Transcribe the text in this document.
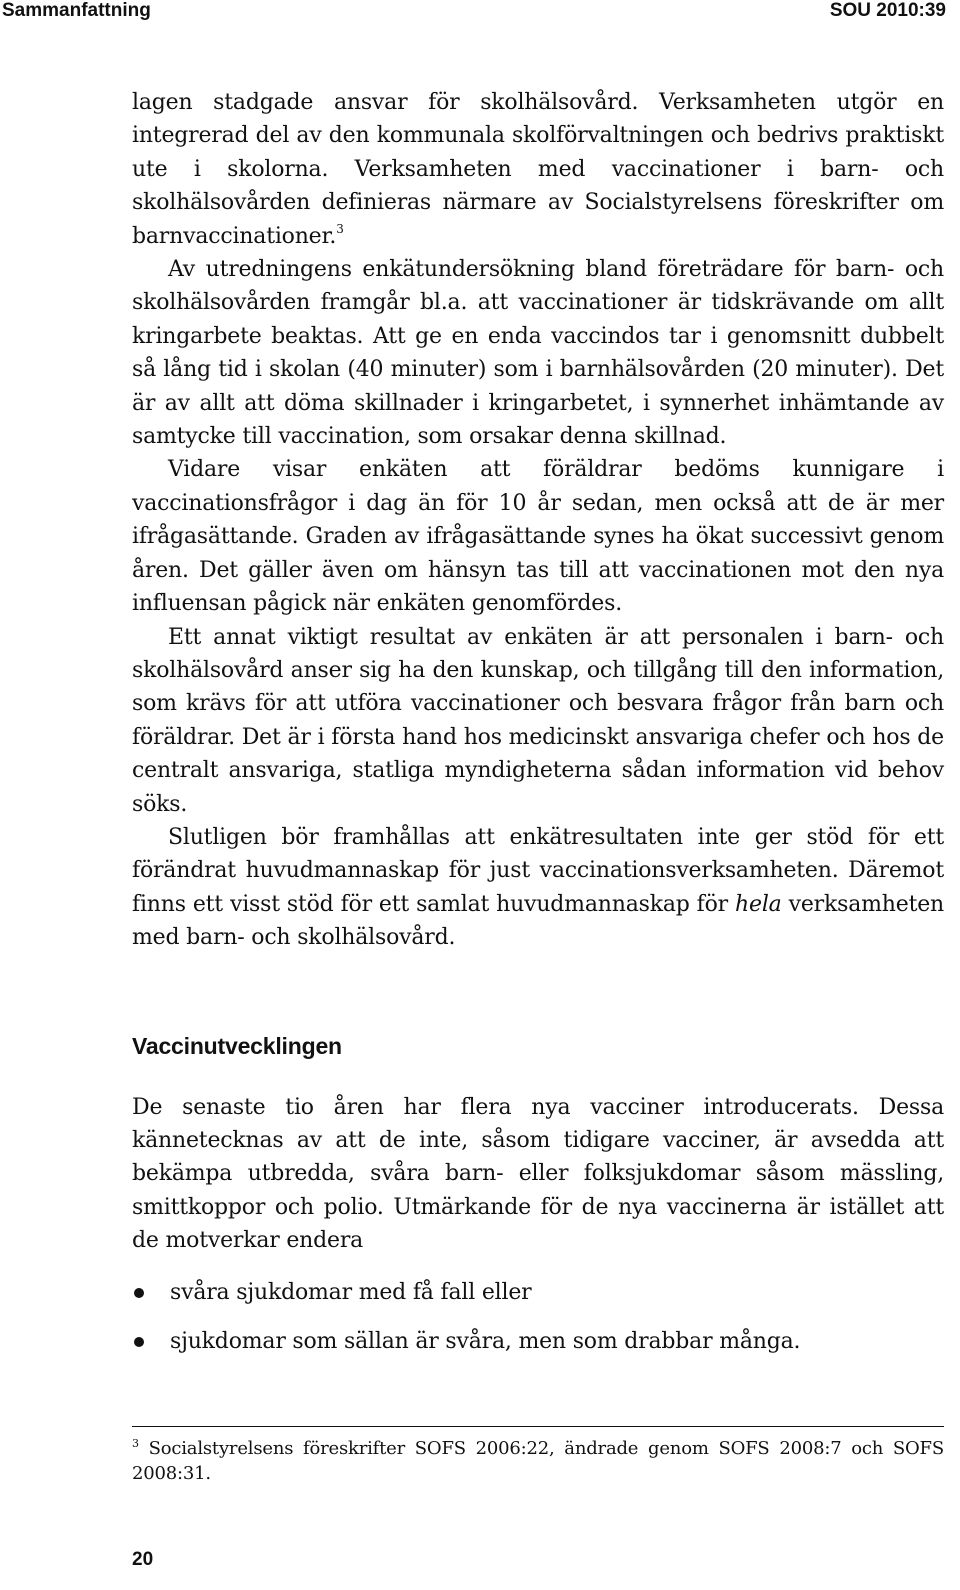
Sammanfattning	SOU 2010:39

lagen stadgade ansvar för skolhälsovård. Verksamheten utgör en integrerad del av den kommunala skolförvaltningen och bedrivs praktiskt ute i skolorna. Verksamheten med vaccinationer i barn- och skolhälsovården definieras närmare av Socialstyrelsens föreskrifter om barnvaccinationer.$^3$

Av utredningens enkätundersökning bland företrädare för barn- och skolhälsovården framgår bl.a. att vaccinationer är tidskrävande om allt kringarbete beaktas. Att ge en enda vaccindos tar i genomsnitt dubbelt så lång tid i skolan (40 minuter) som i barnhälsovården (20 minuter). Det är av allt att döma skillnader i kringarbetet, i synnerhet inhämtande av samtycke till vaccination, som orsakar denna skillnad.

Vidare visar enkäten att föräldrar bedöms kunnigare i vaccinationsfrågor i dag än för 10 år sedan, men också att de är mer ifrågasättande. Graden av ifrågasättande synes ha ökat successivt genom åren. Det gäller även om hänsyn tas till att vaccinationen mot den nya influensan pågick när enkäten genomfördes.

Ett annat viktigt resultat av enkäten är att personalen i barn- och skolhälsovård anser sig ha den kunskap, och tillgång till den information, som krävs för att utföra vaccinationer och besvara frågor från barn och föräldrar. Det är i första hand hos medicinskt ansvariga chefer och hos de centralt ansvariga, statliga myndigheterna sådan information vid behov söks.

Slutligen bör framhållas att enkätresultaten inte ger stöd för ett förändrat huvudmannaskap för just vaccinationsverksamheten. Däremot finns ett visst stöd för ett samlat huvudmannaskap för hela verksamheten med barn- och skolhälsovård.

Vaccinutvecklingen

De senaste tio åren har flera nya vacciner introducerats. Dessa kännetecknas av att de inte, såsom tidigare vacciner, är avsedda att bekämpa utbredda, svåra barn- eller folksjukdomar såsom mässling, smittkoppor och polio. Utmärkande för de nya vaccinerna är istället att de motverkar endera

svåra sjukdomar med få fall eller
sjukdomar som sällan är svåra, men som drabbar många.
$^3$ Socialstyrelsens föreskrifter SOFS 2006:22, ändrade genom SOFS 2008:7 och SOFS 2008:31.
20
